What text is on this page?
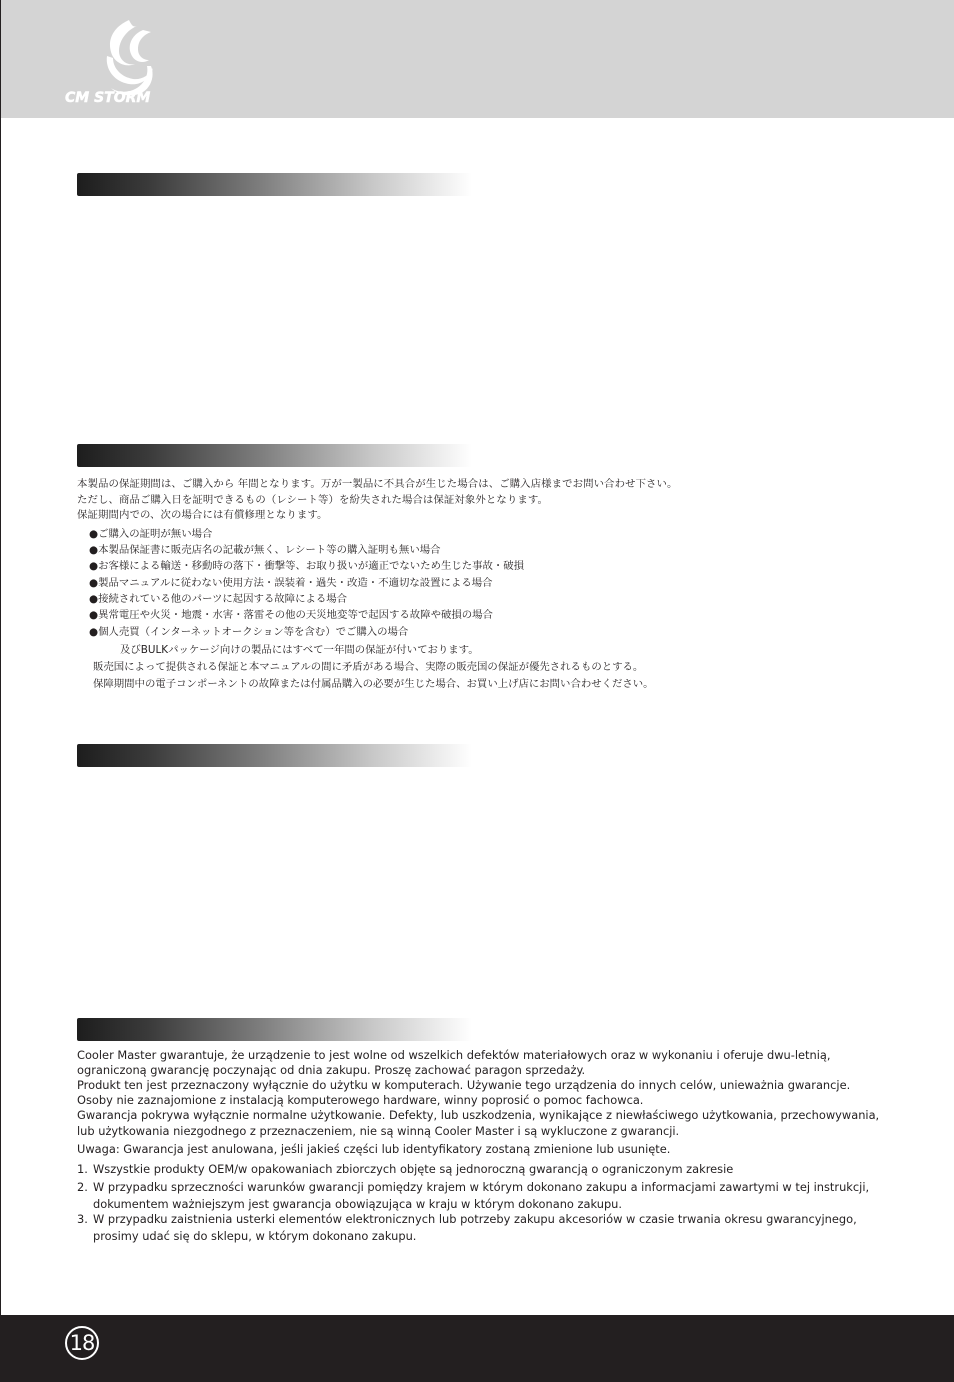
CM STORM
本製品の保証期間は、ご購入から 年間となります。万が一製品に不具合が生じた場合は、ご購入店様までお問い合わせ下さい。
ただし、商品ご購入日を証明できるもの（レシート等）を紛失された場合は保証対象外となります。
保証期間内での、次の場合には有償修理となります。
●ご購入の証明が無い場合
●本製品保証書に販売店名の記載が無く、レシート等の購入証明も無い場合
●お客様による輸送・移動時の落下・衝撃等、お取り扱いが適正でないため生じた事故・破損
●製品マニュアルに従わない使用方法・誤装着・過失・改造・不適切な設置による場合
●接続されている他のパーツに起因する故障による場合
●異常電圧や火災・地震・水害・落雷その他の天災地変等で起因する故障や破損の場合
●個人売買（インターネットオークション等を含む）でご購入の場合
及びBULKパッケージ向けの製品にはすべて一年間の保証が付いております。
販売国によって提供される保証と本マニュアルの間に矛盾がある場合、実際の販売国の保証が優先されるものとする。
保障期間中の電子コンポーネントの故障または付属品購入の必要が生じた場合、お買い上げ店にお問い合わせください。
Cooler Master gwarantuje, że urządzenie to jest wolne od wszelkich defektów materiałowych oraz w wykonaniu i oferuje dwu-letnią,
ograniczoną gwarancję poczynając od dnia zakupu. Proszę zachować paragon sprzedaży.
Produkt ten jest przeznaczony wyłącznie do użytku w komputerach. Używanie tego urządzenia do innych celów, unieważnia gwarancje.
Osoby nie zaznajomione z instalacją komputerowego hardware, winny poprosić o pomoc fachowca.
Gwarancja pokrywa wyłącznie normalne użytkowanie. Defekty, lub uszkodzenia, wynikające z niewłaściwego użytkowania, przechowywania,
lub użytkowania niezgodnego z przeznaczeniem, nie są winną Cooler Master i są wykluczone z gwarancji.
Uwaga: Gwarancja jest anulowana, jeśli jakieś części lub identyfikatory zostaną zmienione lub usunięte.
1. Wszystkie produkty OEM/w opakowaniach zbiorczych objęte są jednoroczną gwarancją o ograniczonym zakresie
2. W przypadku sprzeczności warunków gwarancji pomiędzy krajem w którym dokonano zakupu a informacjami zawartymi w tej instrukcji,
dokumentem ważniejszym jest gwarancja obowiązująca w kraju w którym dokonano zakupu.
3. W przypadku zaistnienia usterki elementów elektronicznych lub potrzeby zakupu akcesoriów w czasie trwania okresu gwarancyjnego,
prosimy udać się do sklepu, w którym dokonano zakupu.
18
